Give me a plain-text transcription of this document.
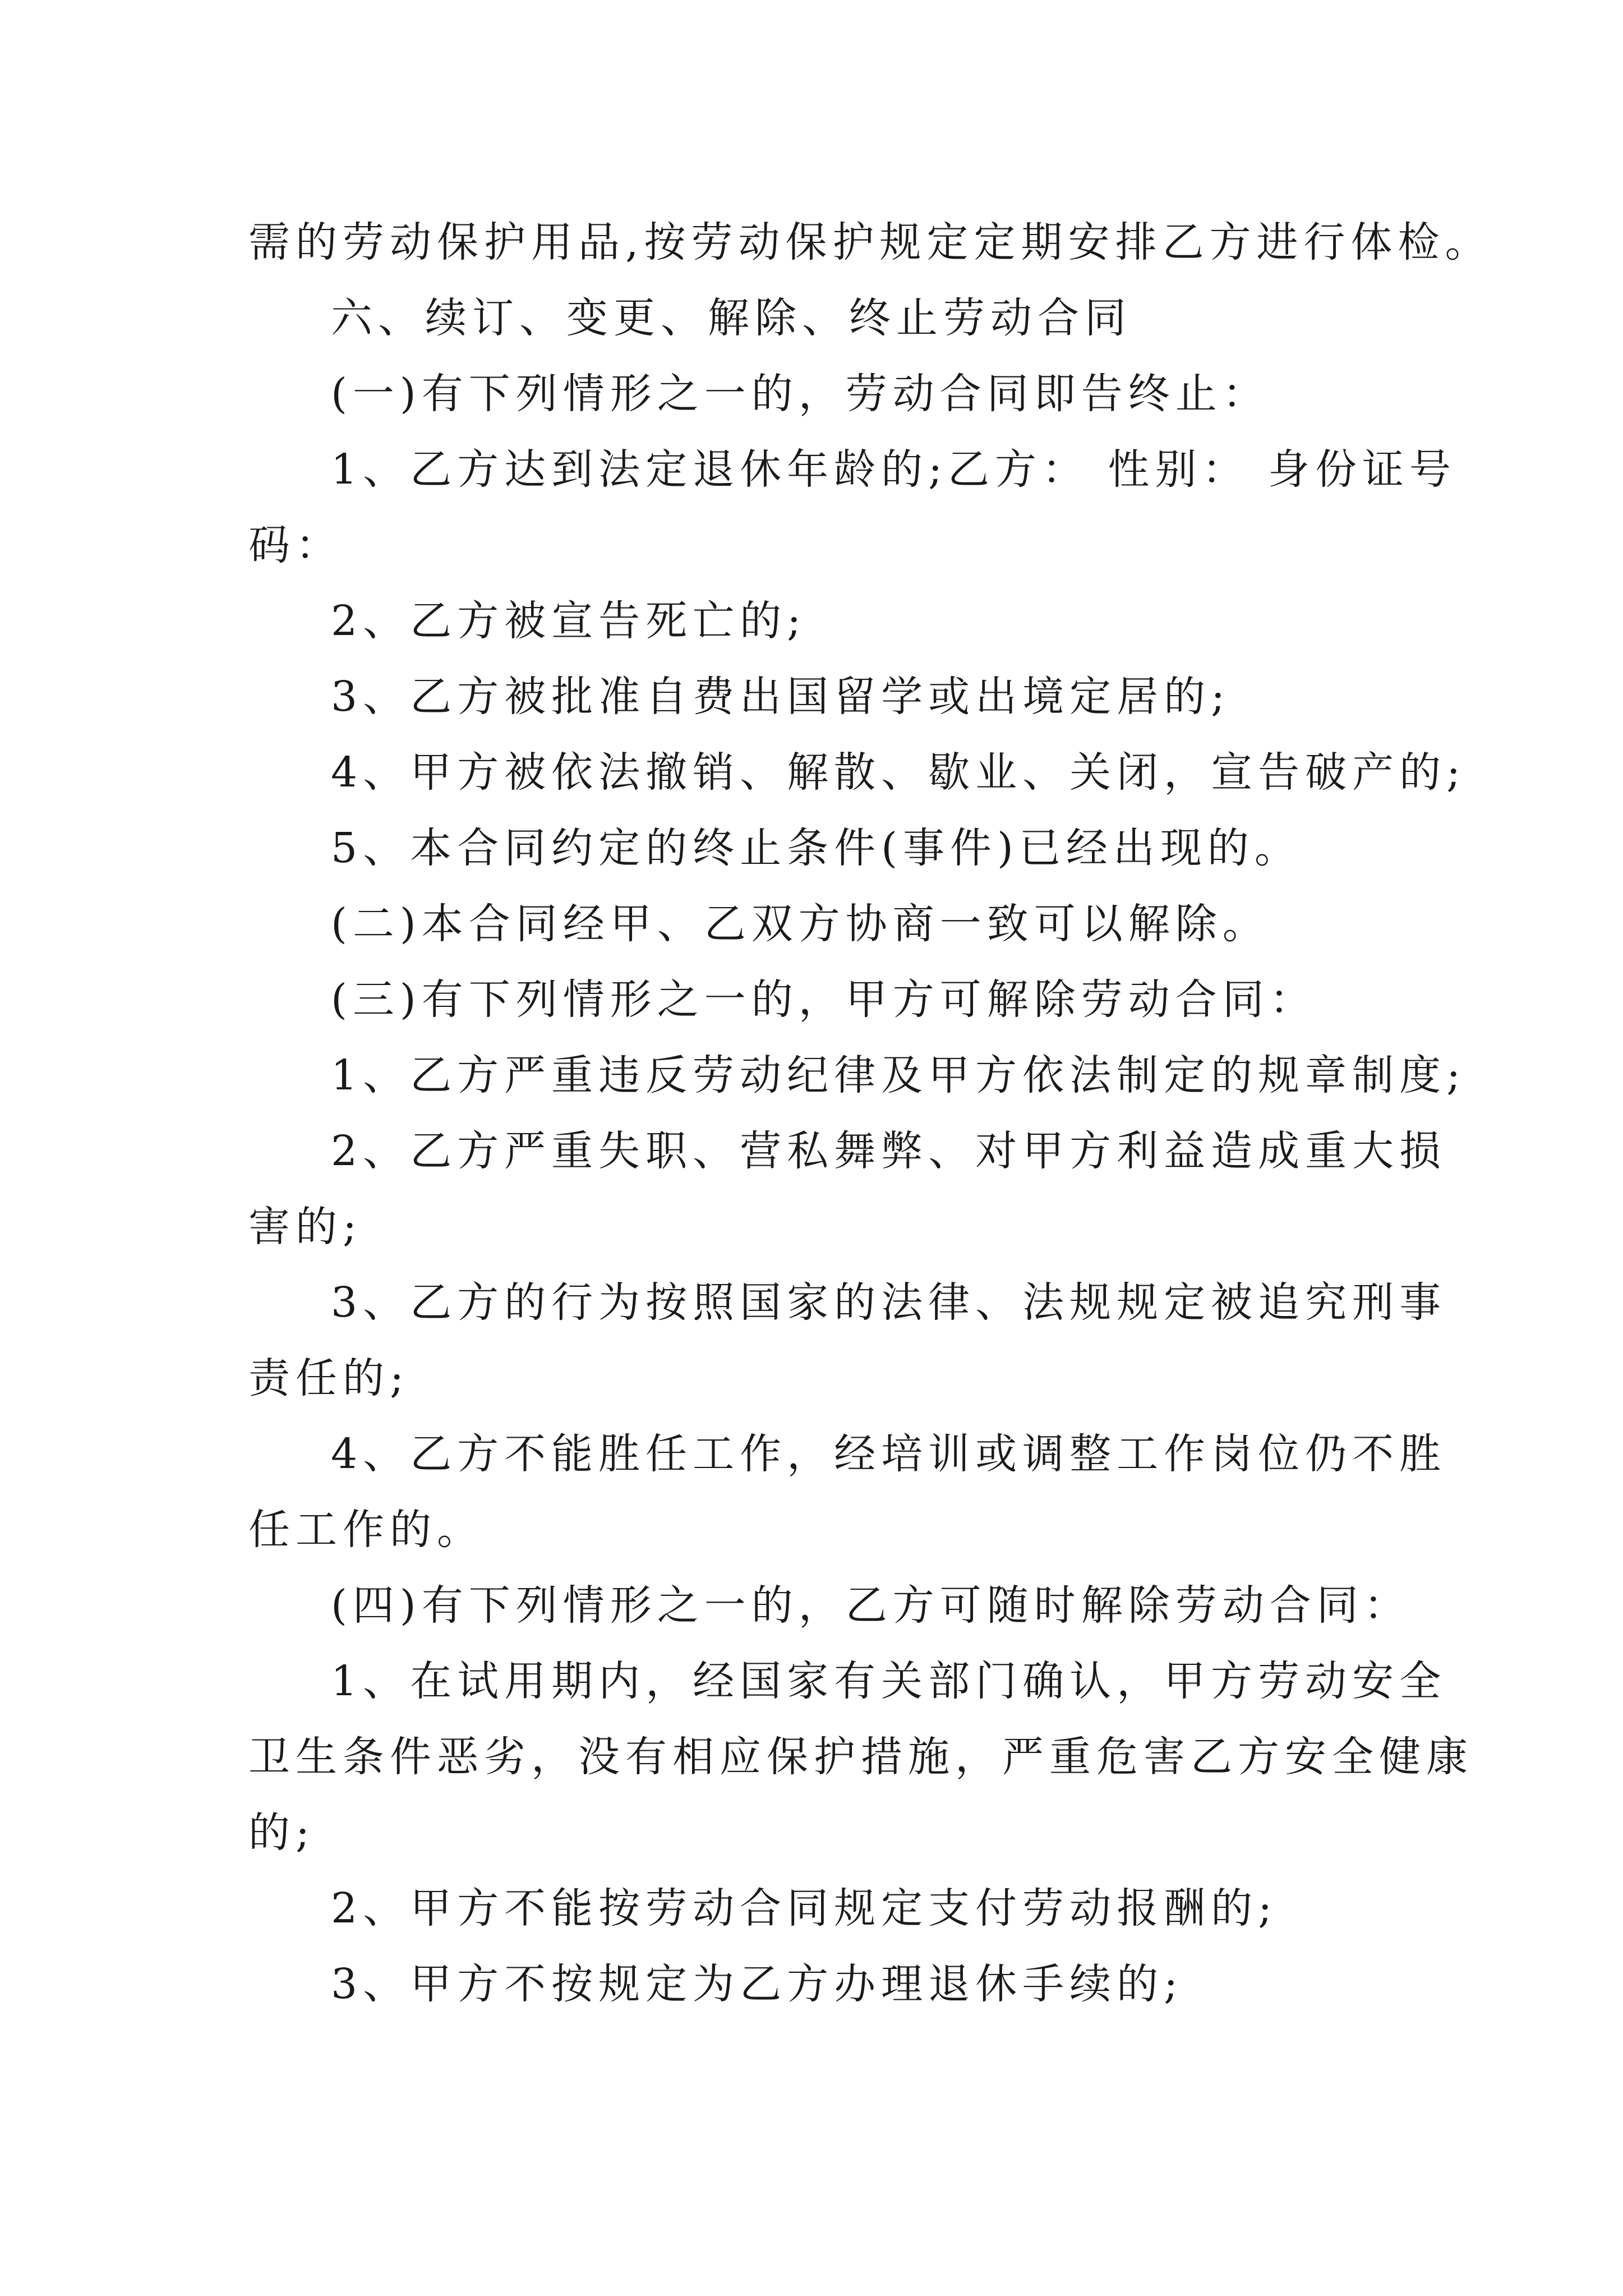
需的劳动保护用品,按劳动保护规定定期安排乙方进行体检。
六、续订、变更、解除、终止劳动合同
(一)有下列情形之一的，劳动合同即告终止：
1、乙方达到法定退休年龄的;乙方： 性别： 身份证号
码：
2、乙方被宣告死亡的;
3、乙方被批准自费出国留学或出境定居的;
4、甲方被依法撤销、解散、歇业、关闭，宣告破产的;
5、本合同约定的终止条件(事件)已经出现的。
(二)本合同经甲、乙双方协商一致可以解除。
(三)有下列情形之一的，甲方可解除劳动合同：
1、乙方严重违反劳动纪律及甲方依法制定的规章制度;
2、乙方严重失职、营私舞弊、对甲方利益造成重大损
害的;
3、乙方的行为按照国家的法律、法规规定被追究刑事
责任的;
4、乙方不能胜任工作，经培训或调整工作岗位仍不胜
任工作的。
(四)有下列情形之一的，乙方可随时解除劳动合同：
1、在试用期内，经国家有关部门确认，甲方劳动安全
卫生条件恶劣，没有相应保护措施，严重危害乙方安全健康
的;
2、甲方不能按劳动合同规定支付劳动报酬的;
3、甲方不按规定为乙方办理退休手续的;
